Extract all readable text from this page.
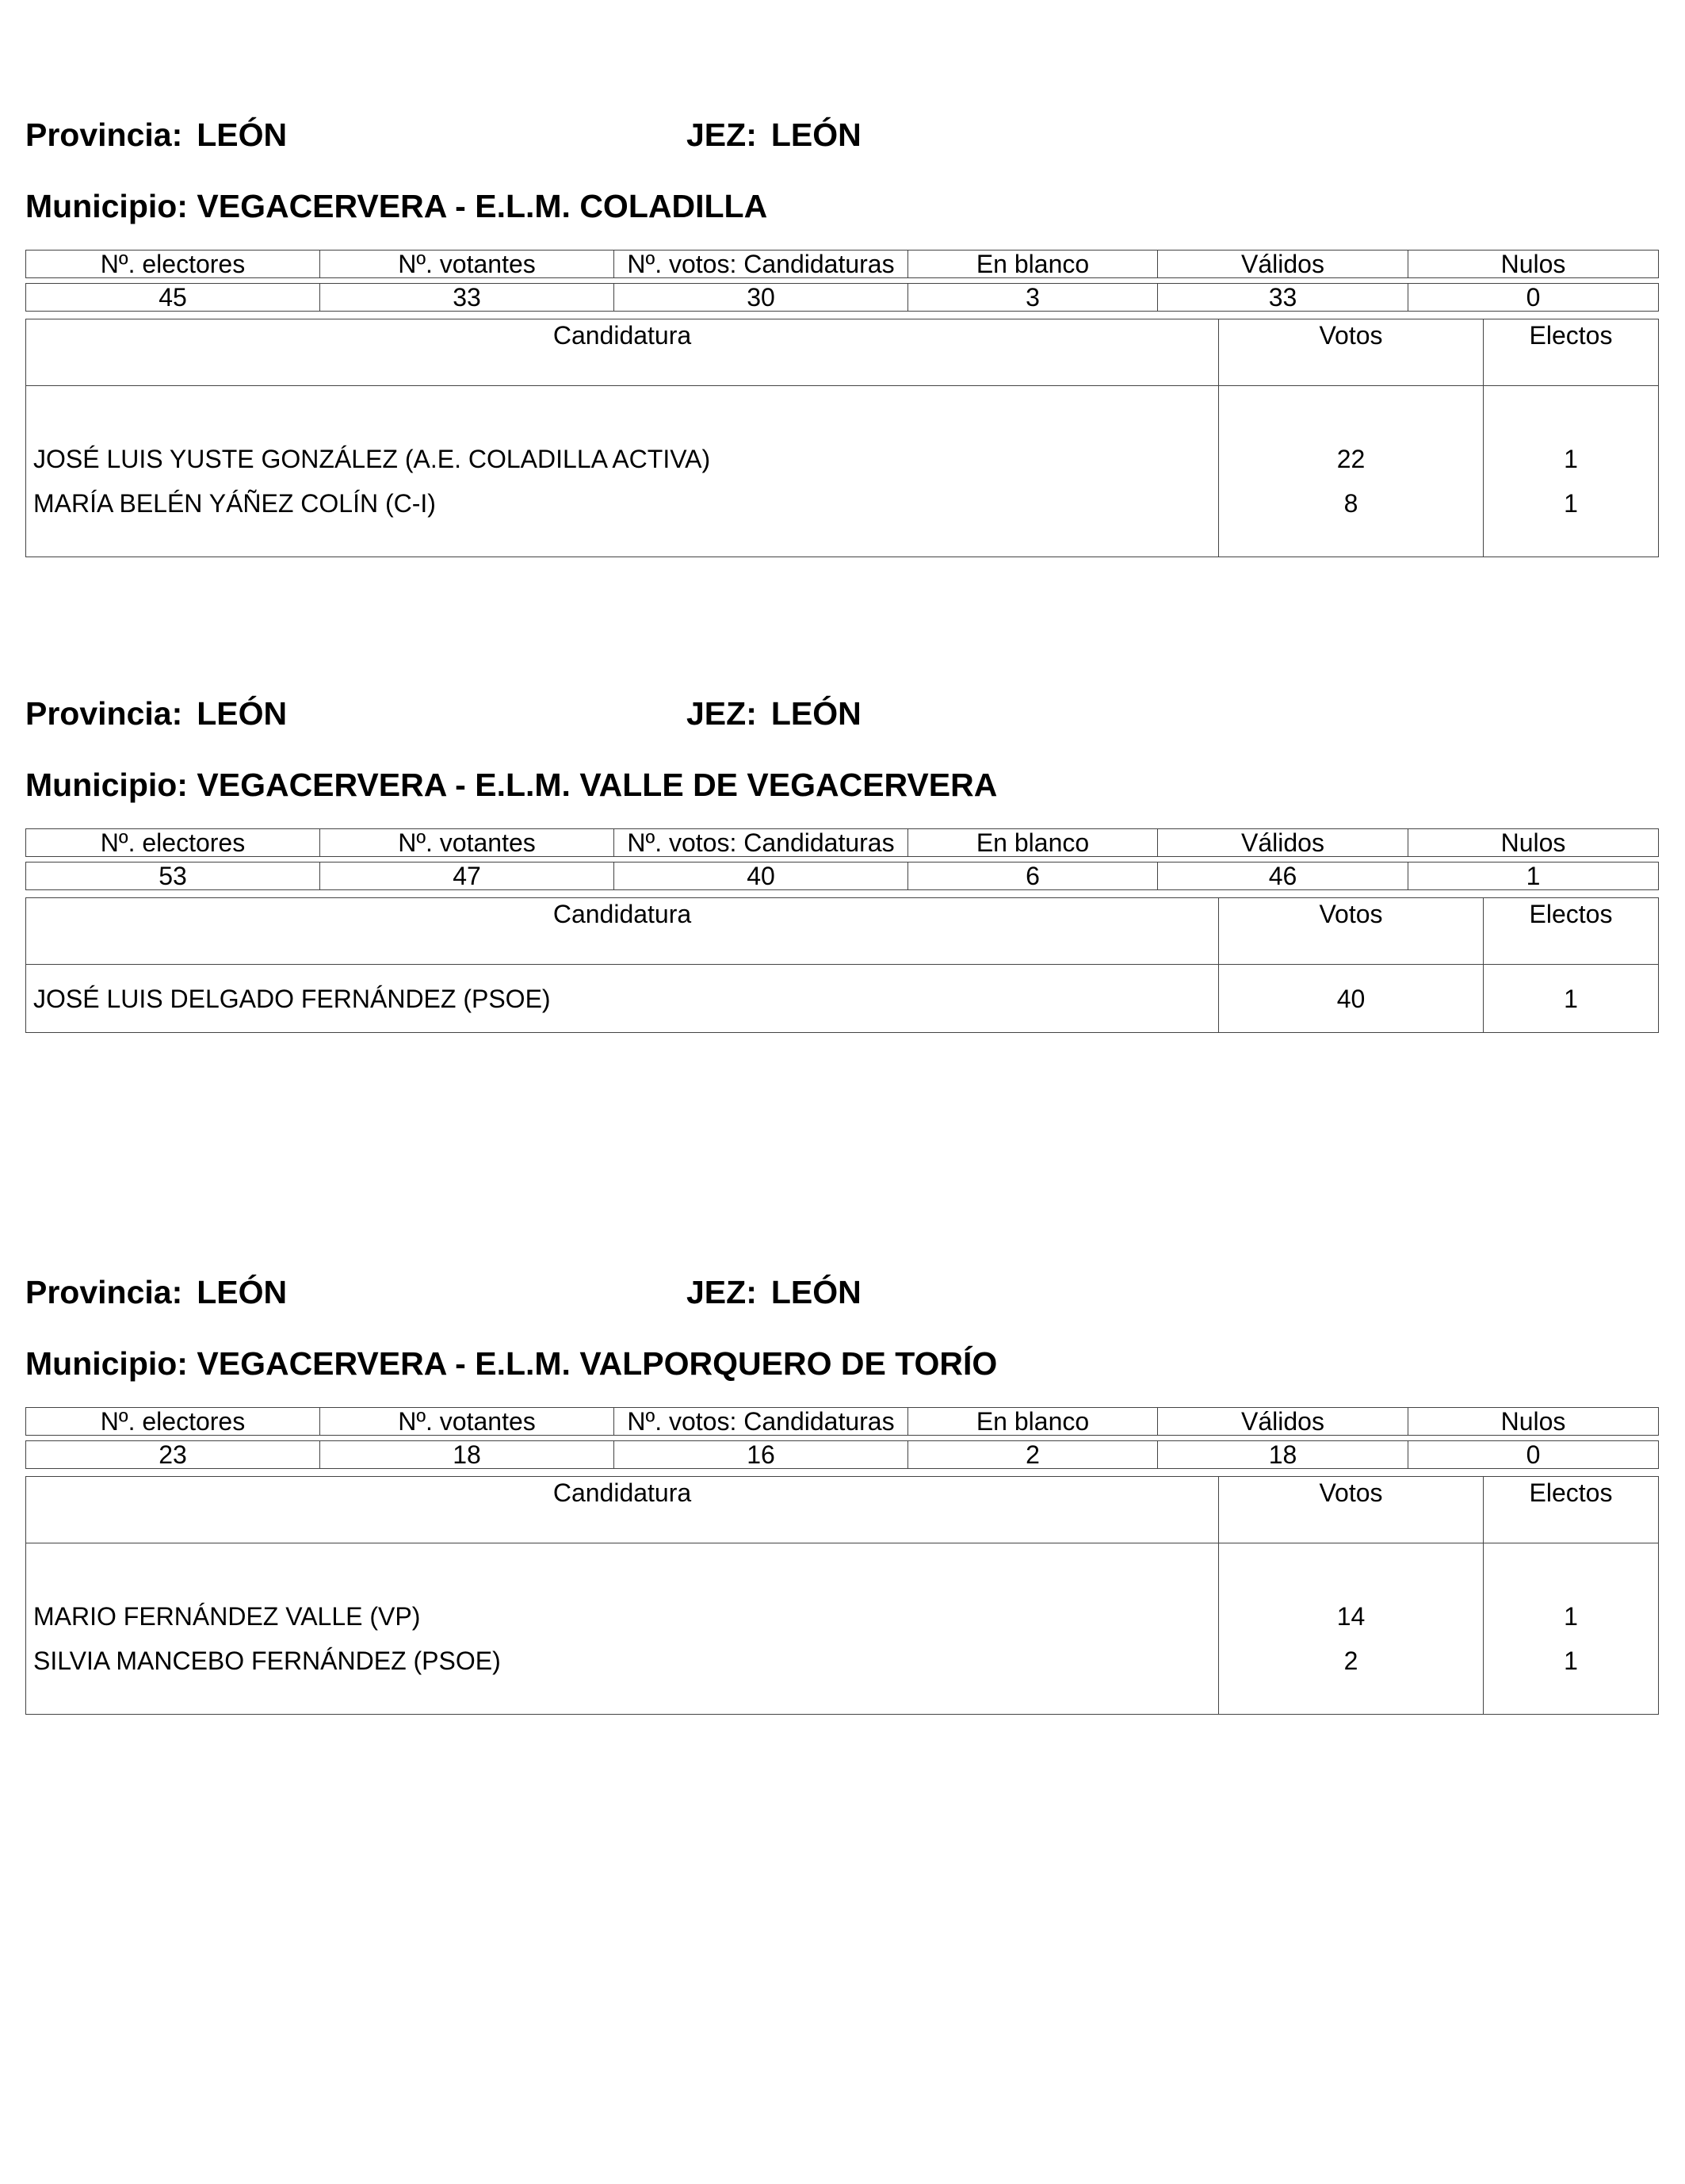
Provincia: LEÓN	JEZ: LEÓN
Municipio: VEGACERVERA - E.L.M. COLADILLA
Nº. electores	Nº. votantes	Nº. votos: Candidaturas	En blanco	Válidos	Nulos

45	33	30	3	33	0
Candidatura	Votos	Electos
JOSÉ LUIS YUSTE GONZÁLEZ (A.E. COLADILLA ACTIVA)	22	1
MARÍA BELÉN YÁÑEZ COLÍN (C-I)	8	1
Provincia: LEÓN	JEZ: LEÓN
Municipio: VEGACERVERA - E.L.M. VALLE DE VEGACERVERA
Nº. electores	Nº. votantes	Nº. votos: Candidaturas	En blanco	Válidos	Nulos

53	47	40	6	46	1
Candidatura	Votos	Electos
JOSÉ LUIS DELGADO FERNÁNDEZ (PSOE)	40	1
Provincia: LEÓN	JEZ: LEÓN
Municipio: VEGACERVERA - E.L.M. VALPORQUERO DE TORÍO
Nº. electores	Nº. votantes	Nº. votos: Candidaturas	En blanco	Válidos	Nulos

23	18	16	2	18	0
Candidatura	Votos	Electos
MARIO FERNÁNDEZ VALLE (VP)	14	1
SILVIA MANCEBO FERNÁNDEZ (PSOE)	2	1
